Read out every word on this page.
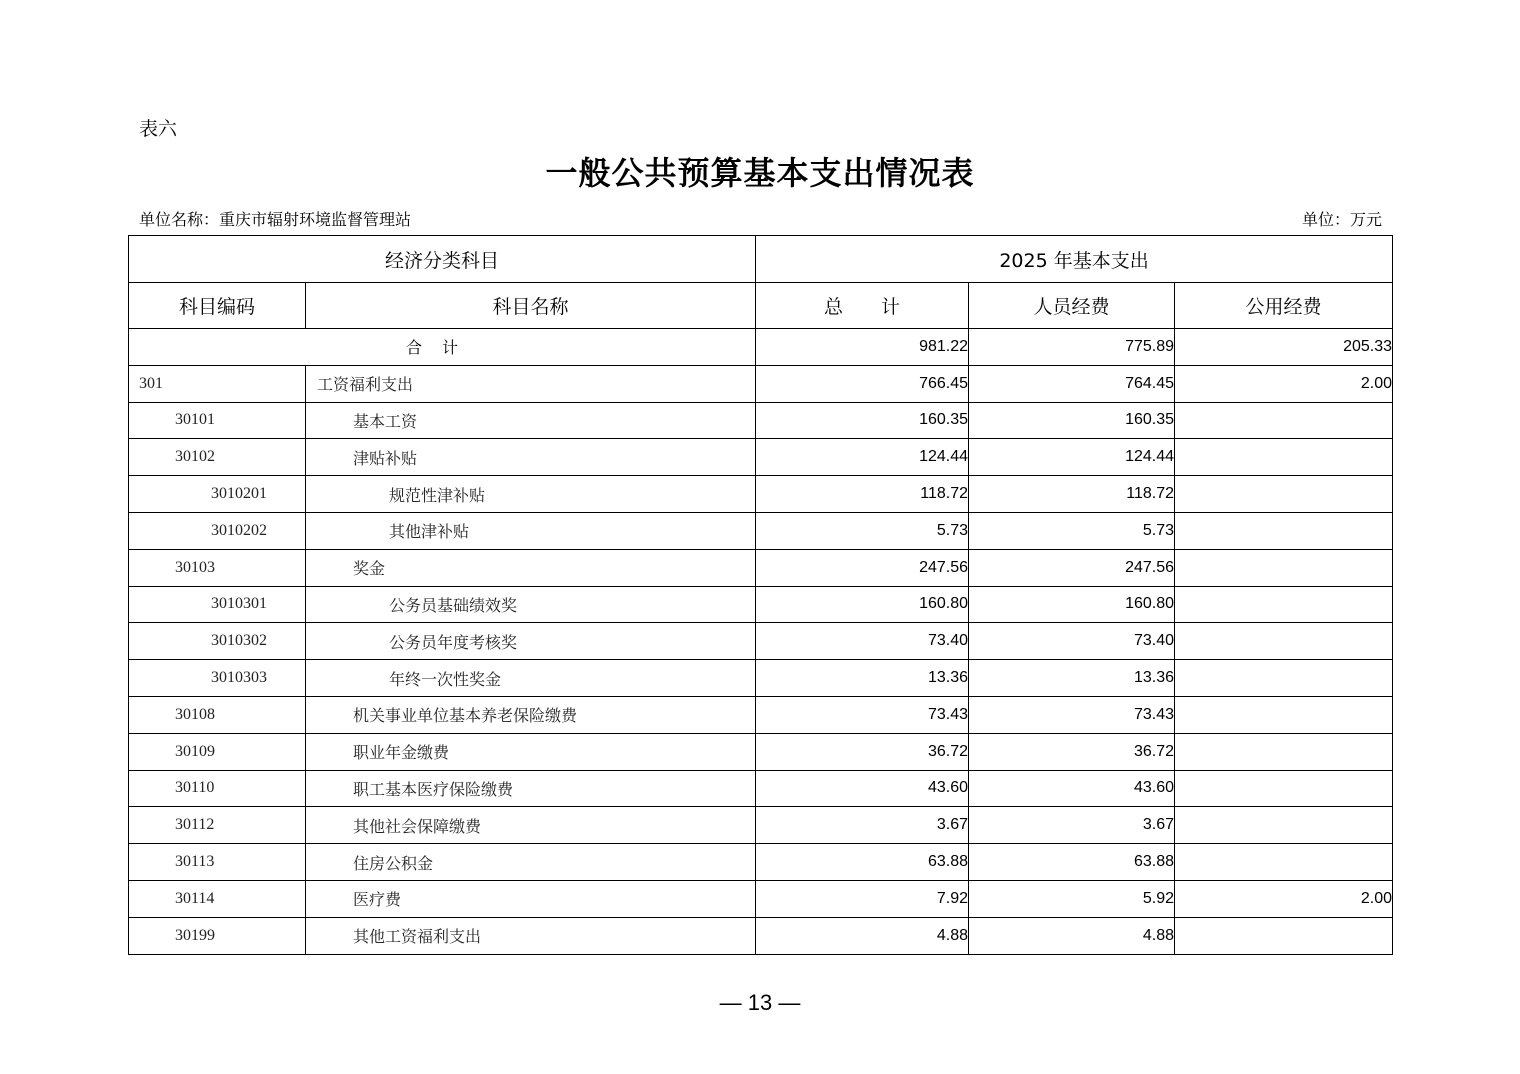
表六
一般公共预算基本支出情况表
单位名称：重庆市辐射环境监督管理站	单位：万元
经济分类科目		2025 年基本支出		
科目编码	科目名称	总　　计	人员经费	公用经费
合计		981.22	775.89	205.33
301	工资福利支出	766.45	764.45	2.00
30101	基本工资	160.35	160.35	
30102	津贴补贴	124.44	124.44	
3010201	规范性津补贴	118.72	118.72	
3010202	其他津补贴	5.73	5.73	
30103	奖金	247.56	247.56	
3010301	公务员基础绩效奖	160.80	160.80	
3010302	公务员年度考核奖	73.40	73.40	
3010303	年终一次性奖金	13.36	13.36	
30108	机关事业单位基本养老保险缴费	73.43	73.43	
30109	职业年金缴费	36.72	36.72	
30110	职工基本医疗保险缴费	43.60	43.60	
30112	其他社会保障缴费	3.67	3.67	
30113	住房公积金	63.88	63.88	
30114	医疗费	7.92	5.92	2.00
30199	其他工资福利支出	4.88	4.88	
— 13 —
